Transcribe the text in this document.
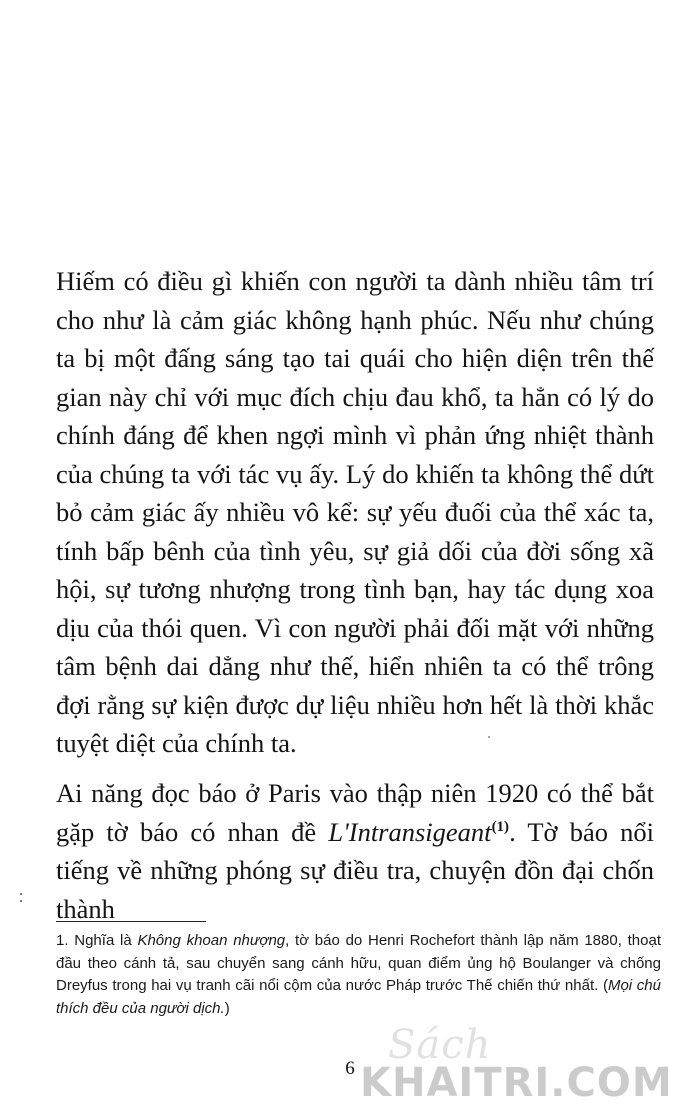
Hiếm có điều gì khiến con người ta dành nhiều tâm trí cho như là cảm giác không hạnh phúc. Nếu như chúng ta bị một đấng sáng tạo tai quái cho hiện diện trên thế gian này chỉ với mục đích chịu đau khổ, ta hẳn có lý do chính đáng để khen ngợi mình vì phản ứng nhiệt thành của chúng ta với tác vụ ấy. Lý do khiến ta không thể dứt bỏ cảm giác ấy nhiều vô kể: sự yếu đuối của thể xác ta, tính bấp bênh của tình yêu, sự giả dối của đời sống xã hội, sự tương nhượng trong tình bạn, hay tác dụng xoa dịu của thói quen. Vì con người phải đối mặt với những tâm bệnh dai dẳng như thế, hiển nhiên ta có thể trông đợi rằng sự kiện được dự liệu nhiều hơn hết là thời khắc tuyệt diệt của chính ta.

Ai năng đọc báo ở Paris vào thập niên 1920 có thể bắt gặp tờ báo có nhan đề L'Intransigeant$^{(1)}$. Tờ báo nổi tiếng về những phóng sự điều tra, chuyện đồn đại chốn thành

1. Nghĩa là Không khoan nhượng, tờ báo do Henri Rochefort thành lập năm 1880, thoạt đầu theo cánh tả, sau chuyển sang cánh hữu, quan điểm ủng hộ Boulanger và chống Dreyfus trong hai vụ tranh cãi nổi cộm của nước Pháp trước Thế chiến thứ nhất. (Mọi chú thích đều của người dịch.)

6
Sách
KHAITRI.COM
